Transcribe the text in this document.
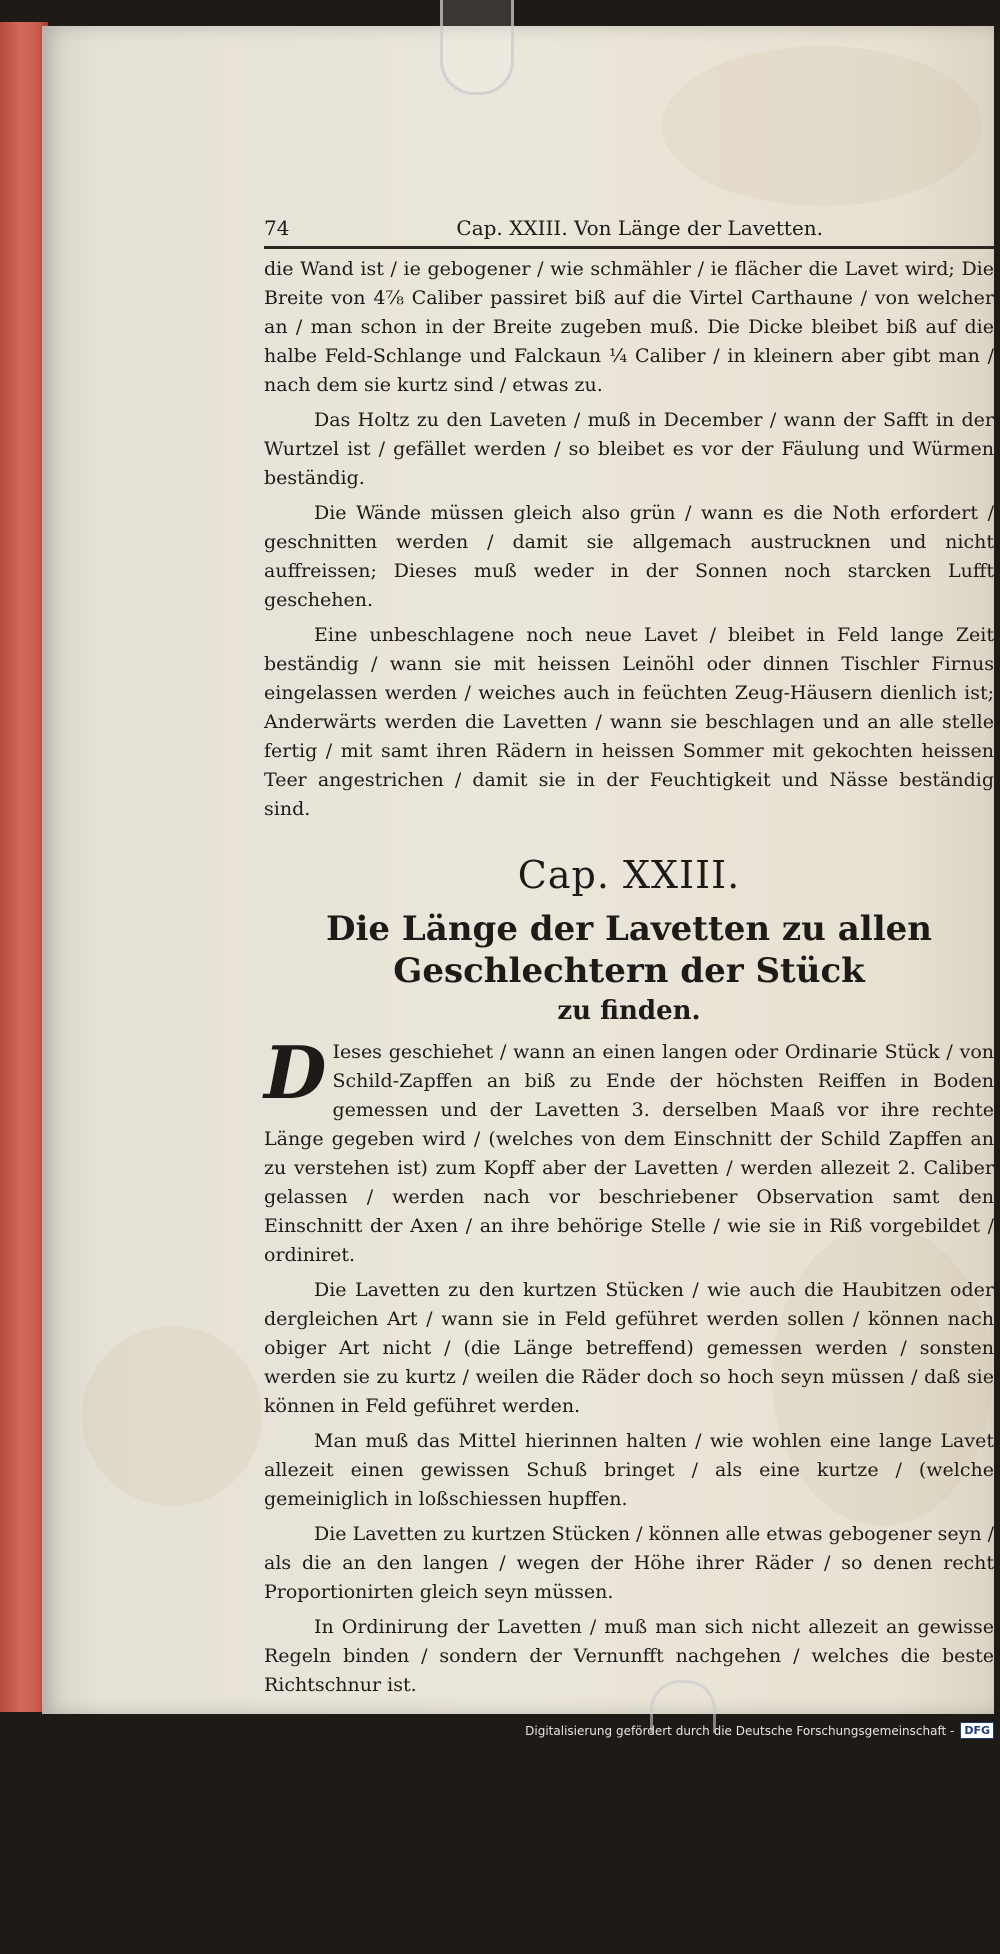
74	Cap. XXIII. Von Länge der Lavetten.

die Wand ist / ie gebogener / wie schmähler / ie flächer die Lavet wird; Die Breite von 4⅞ Caliber passiret biß auf die Virtel Carthaune / von welcher an / man schon in der Breite zugeben muß. Die Dicke bleibet biß auf die halbe Feld-Schlange und Falckaun ¼ Caliber / in kleinern aber gibt man / nach dem sie kurtz sind / etwas zu.

Das Holtz zu den Laveten / muß in December / wann der Safft in der Wurtzel ist / gefället werden / so bleibet es vor der Fäulung und Würmen beständig.

Die Wände müssen gleich also grün / wann es die Noth erfordert / geschnitten werden / damit sie allgemach austrucknen und nicht auffreissen; Dieses muß weder in der Sonnen noch starcken Lufft geschehen.

Eine unbeschlagene noch neue Lavet / bleibet in Feld lange Zeit beständig / wann sie mit heissen Leinöhl oder dinnen Tischler Firnus eingelassen werden / weiches auch in feüchten Zeug-Häusern dienlich ist; Anderwärts werden die Lavetten / wann sie beschlagen und an alle stelle fertig / mit samt ihren Rädern in heissen Sommer mit gekochten heissen Teer angestrichen / damit sie in der Feuchtigkeit und Nässe beständig sind.

Cap. XXIII.
Die Länge der Lavetten zu allen Geschlechtern der Stück
zu finden.

D Ieses geschiehet / wann an einen langen oder Ordinarie Stück / von Schild-Zapffen an biß zu Ende der höchsten Reiffen in Boden gemessen und der Lavetten 3. derselben Maaß vor ihre rechte Länge gegeben wird / (welches von dem Einschnitt der Schild Zapffen an zu verstehen ist) zum Kopff aber der Lavetten / werden allezeit 2. Caliber gelassen / werden nach vor beschriebener Observation samt den Einschnitt der Axen / an ihre behörige Stelle / wie sie in Riß vorgebildet / ordiniret.

Die Lavetten zu den kurtzen Stücken / wie auch die Haubitzen oder dergleichen Art / wann sie in Feld geführet werden sollen / können nach obiger Art nicht / (die Länge betreffend) gemessen werden / sonsten werden sie zu kurtz / weilen die Räder doch so hoch seyn müssen / daß sie können in Feld geführet werden.

Man muß das Mittel hierinnen halten / wie wohlen eine lange Lavet allezeit einen gewissen Schuß bringet / als eine kurtze / (welche gemeiniglich in loßschiessen hupffen.

Die Lavetten zu kurtzen Stücken / können alle etwas gebogener seyn / als die an den langen / wegen der Höhe ihrer Räder / so denen recht Proportionirten gleich seyn müssen.

In Ordinirung der Lavetten / muß man sich nicht allezeit an gewisse Regeln binden / sondern der Vernunfft nachgehen / welches die beste Richtschnur ist.

Cap. XXIV.
Von Stück-Rädern.

D Ie Höhe und Stärcke der Stück-Räder sind in der Praxin zu dieser unserer Zeit / auff nachgesetzte Manier vor die beqvemligsten gefunden worden.

Das
Digitalisierung gefördert durch die Deutsche Forschungsgemeinschaft - DFG
